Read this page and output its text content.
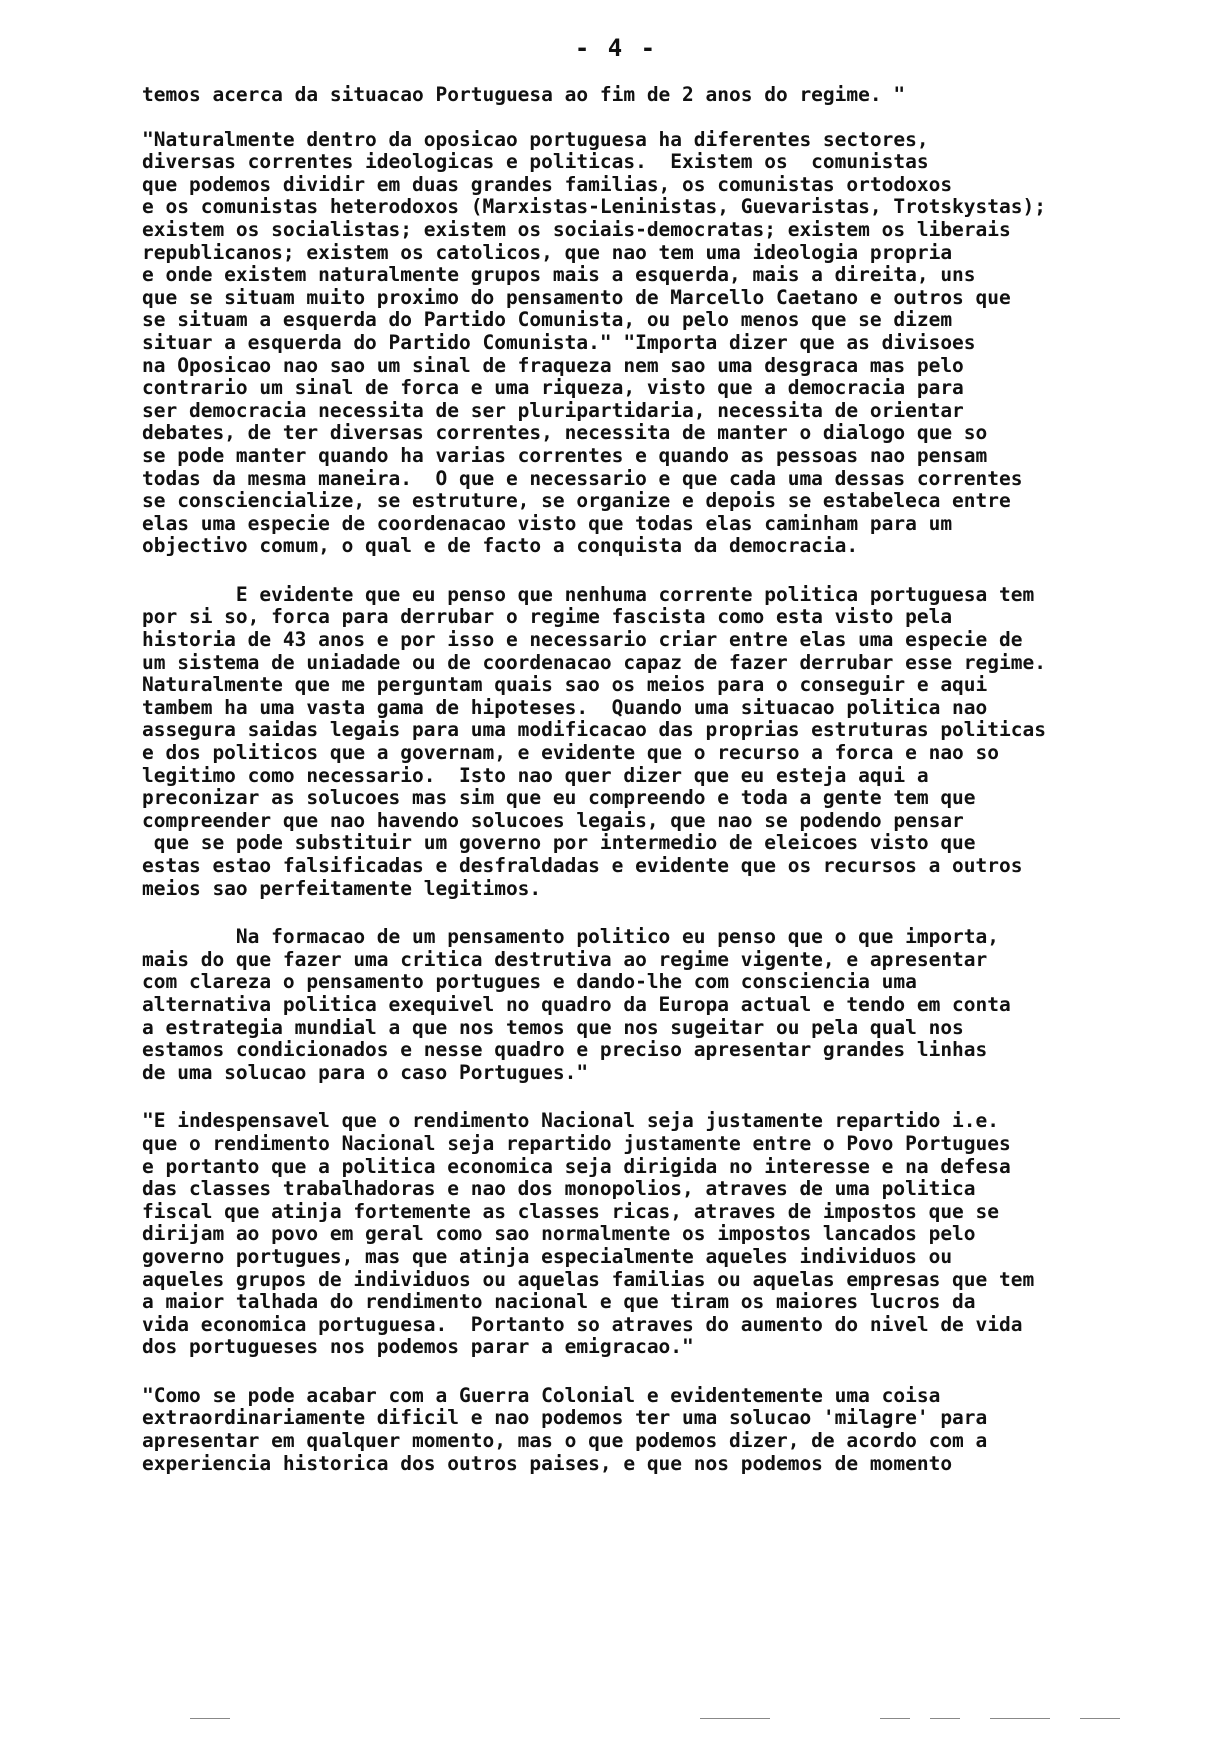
- 4 -
temos acerca da situacao Portuguesa ao fim de 2 anos do regime. "
"Naturalmente dentro da oposicao portuguesa ha diferentes sectores,
diversas correntes ideologicas e politicas.  Existem os  comunistas
que podemos dividir em duas grandes familias, os comunistas ortodoxos
e os comunistas heterodoxos (Marxistas-Leninistas, Guevaristas, Trotskystas);
existem os socialistas; existem os sociais-democratas; existem os liberais
republicanos; existem os catolicos, que nao tem uma ideologia propria
e onde existem naturalmente grupos mais a esquerda, mais a direita, uns
que se situam muito proximo do pensamento de Marcello Caetano e outros que
se situam a esquerda do Partido Comunista, ou pelo menos que se dizem
situar a esquerda do Partido Comunista." "Importa dizer que as divisoes
na Oposicao nao sao um sinal de fraqueza nem sao uma desgraca mas pelo
contrario um sinal de forca e uma riqueza, visto que a democracia para
ser democracia necessita de ser pluripartidaria, necessita de orientar
debates, de ter diversas correntes, necessita de manter o dialogo que so
se pode manter quando ha varias correntes e quando as pessoas nao pensam
todas da mesma maneira.  O que e necessario e que cada uma dessas correntes
se consciencialize, se estruture, se organize e depois se estabeleca entre
elas uma especie de coordenacao visto que todas elas caminham para um
objectivo comum, o qual e de facto a conquista da democracia.
E evidente que eu penso que nenhuma corrente politica portuguesa tem
por si so, forca para derrubar o regime fascista como esta visto pela
historia de 43 anos e por isso e necessario criar entre elas uma especie de
um sistema de uniadade ou de coordenacao capaz de fazer derrubar esse regime.
Naturalmente que me perguntam quais sao os meios para o conseguir e aqui
tambem ha uma vasta gama de hipoteses.  Quando uma situacao politica nao
assegura saidas legais para uma modificacao das proprias estruturas politicas
e dos politicos que a governam, e evidente que o recurso a forca e nao so
legitimo como necessario.  Isto nao quer dizer que eu esteja aqui a
preconizar as solucoes mas sim que eu compreendo e toda a gente tem que
compreender que nao havendo solucoes legais, que nao se podendo pensar
que se pode substituir um governo por intermedio de eleicoes visto que
estas estao falsificadas e desfraldadas e evidente que os recursos a outros
meios sao perfeitamente legitimos.
Na formacao de um pensamento politico eu penso que o que importa,
mais do que fazer uma critica destrutiva ao regime vigente, e apresentar
com clareza o pensamento portugues e dando-lhe com consciencia uma
alternativa politica exequivel no quadro da Europa actual e tendo em conta
a estrategia mundial a que nos temos que nos sugeitar ou pela qual nos
estamos condicionados e nesse quadro e preciso apresentar grandes linhas
de uma solucao para o caso Portugues."
"E indespensavel que o rendimento Nacional seja justamente repartido i.e.
que o rendimento Nacional seja repartido justamente entre o Povo Portugues
e portanto que a politica economica seja dirigida no interesse e na defesa
das classes trabalhadoras e nao dos monopolios, atraves de uma politica
fiscal que atinja fortemente as classes ricas, atraves de impostos que se
dirijam ao povo em geral como sao normalmente os impostos lancados pelo
governo portugues, mas que atinja especialmente aqueles individuos ou
aqueles grupos de individuos ou aquelas familias ou aquelas empresas que tem
a maior talhada do rendimento nacional e que tiram os maiores lucros da
vida economica portuguesa.  Portanto so atraves do aumento do nivel de vida
dos portugueses nos podemos parar a emigracao."
"Como se pode acabar com a Guerra Colonial e evidentemente uma coisa
extraordinariamente dificil e nao podemos ter uma solucao 'milagre' para
apresentar em qualquer momento, mas o que podemos dizer, de acordo com a
experiencia historica dos outros paises, e que nos podemos de momento
